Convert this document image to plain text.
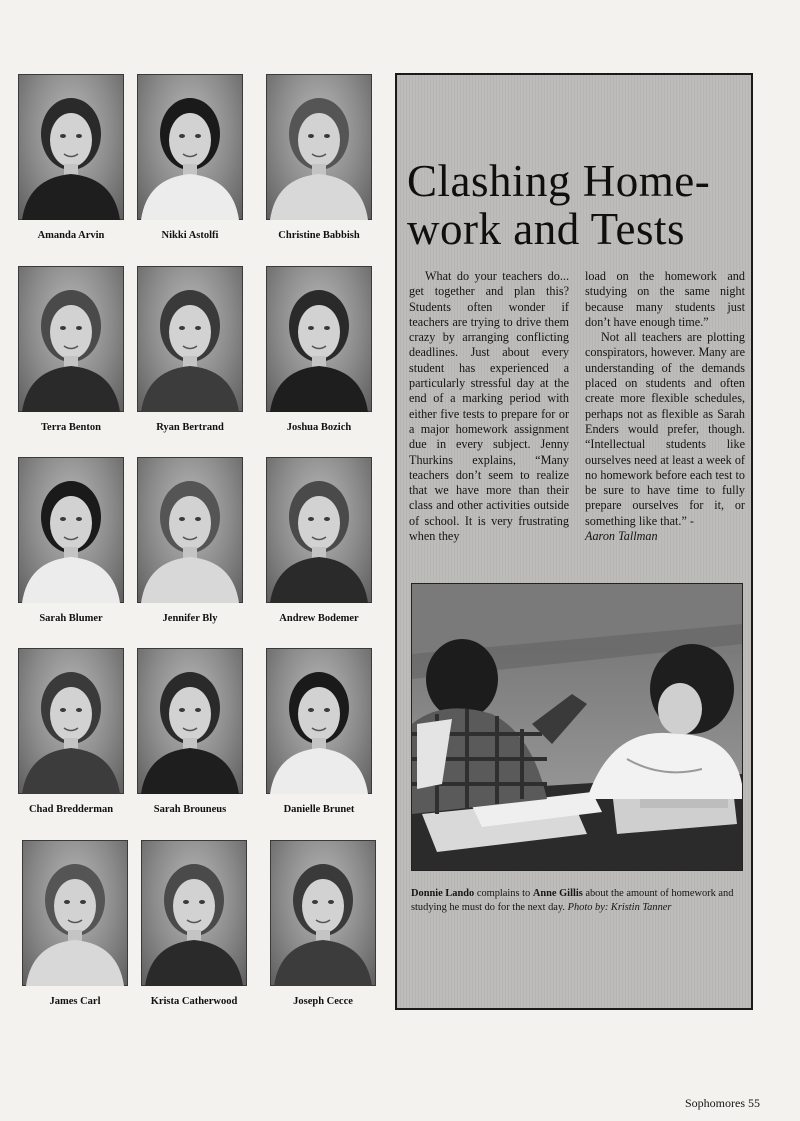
Amanda Arvin	Nikki Astolfi	Christine Babbish
Terra Benton	Ryan Bertrand	Joshua Bozich
Sarah Blumer	Jennifer Bly	Andrew Bodemer
Chad Bredderman	Sarah Brouneus	Danielle Brunet
James Carl	Krista Catherwood	Joseph Cecce
Clashing Home-work and Tests

What do your teachers do... get together and plan this? Students often wonder if teachers are trying to drive them crazy by arranging conflicting deadlines. Just about every student has experienced a particularly stressful day at the end of a marking period with either five tests to prepare for or a major homework assignment due in every subject. Jenny Thurkins explains, “Many teachers don’t seem to realize that we have more than their class and other activities outside of school. It is very frustrating when they

load on the homework and studying on the same night because many students just don’t have enough time.”

Not all teachers are plotting conspirators, however. Many are understanding of the demands placed on students and often create more flexible schedules, perhaps not as flexible as Sarah Enders would prefer, though. “Intellectual students like ourselves need at least a week of no homework before each test to be sure to have time to fully prepare ourselves for it, or something like that.” -

Aaron Tallman

Donnie Lando complains to Anne Gillis about the amount of homework and studying he must do for the next day. Photo by: Kristin Tanner

Sophomores 55
